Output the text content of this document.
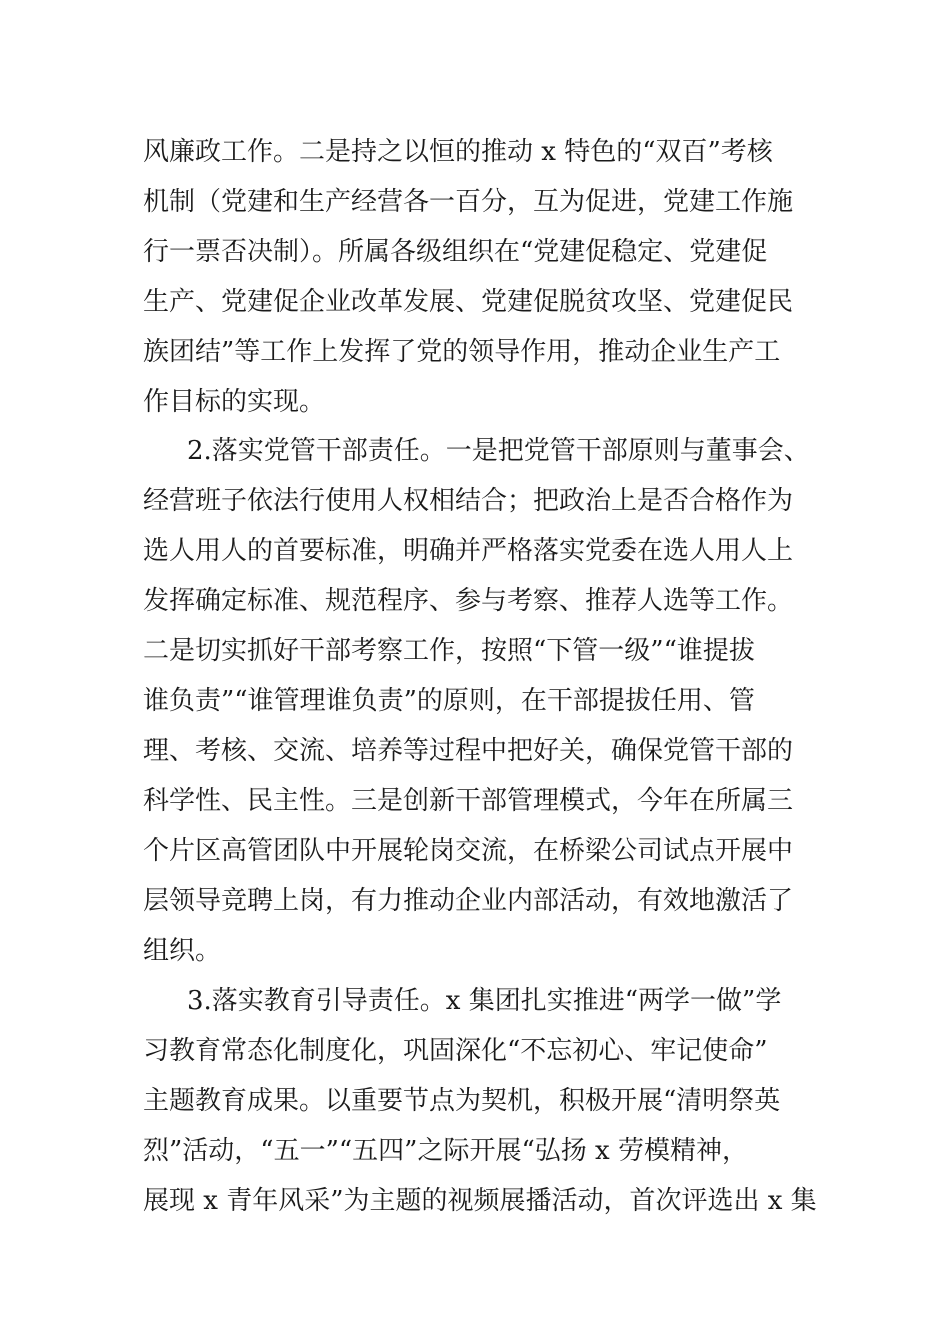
风廉政工作。二是持之以恒的推动 x 特色的“双百”考核
机制（党建和生产经营各一百分，互为促进，党建工作施
行一票否决制）。所属各级组织在“党建促稳定、党建促
生产、党建促企业改革发展、党建促脱贫攻坚、党建促民
族团结”等工作上发挥了党的领导作用，推动企业生产工
作目标的实现。
2.落实党管干部责任。一是把党管干部原则与董事会、
经营班子依法行使用人权相结合；把政治上是否合格作为
选人用人的首要标准，明确并严格落实党委在选人用人上
发挥确定标准、规范程序、参与考察、推荐人选等工作。
二是切实抓好干部考察工作，按照“下管一级”“谁提拔
谁负责”“谁管理谁负责”的原则，在干部提拔任用、管
理、考核、交流、培养等过程中把好关，确保党管干部的
科学性、民主性。三是创新干部管理模式，今年在所属三
个片区高管团队中开展轮岗交流，在桥梁公司试点开展中
层领导竞聘上岗，有力推动企业内部活动，有效地激活了
组织。
3.落实教育引导责任。x 集团扎实推进“两学一做”学
习教育常态化制度化，巩固深化“不忘初心、牢记使命”
主题教育成果。以重要节点为契机，积极开展“清明祭英
烈”活动，“五一”“五四”之际开展“弘扬 x 劳模精神，
展现 x 青年风采”为主题的视频展播活动，首次评选出 x 集
